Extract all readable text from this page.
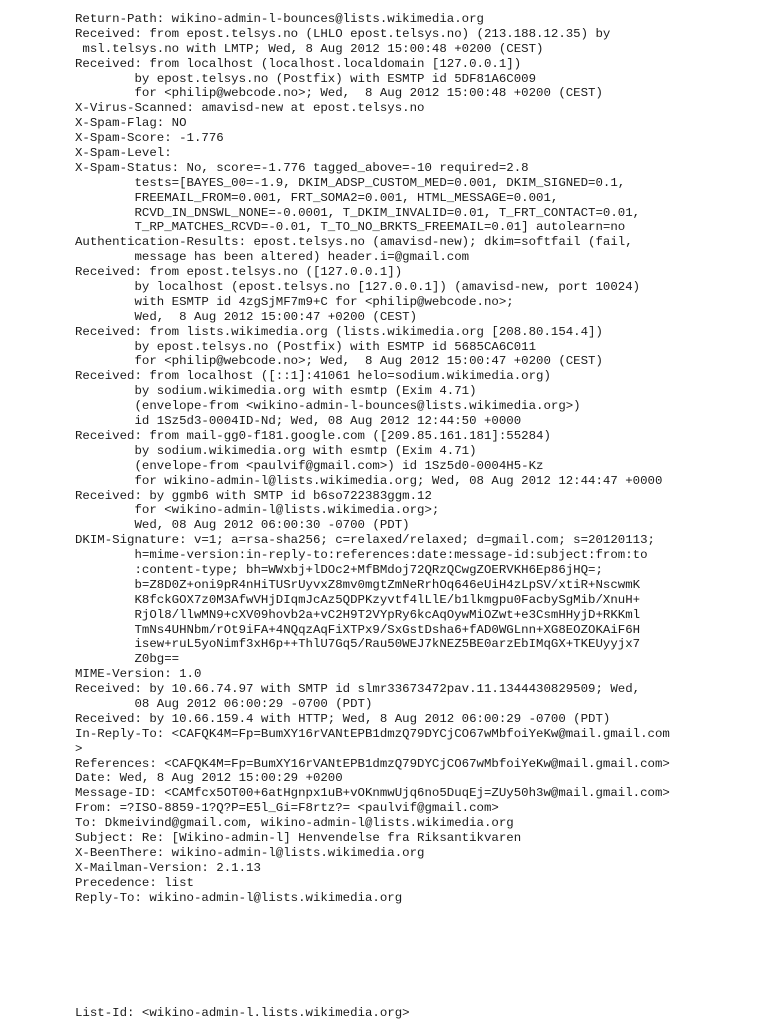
Return-Path: wikino-admin-l-bounces@lists.wikimedia.org
Received: from epost.telsys.no (LHLO epost.telsys.no) (213.188.12.35) by
msl.telsys.no with LMTP; Wed, 8 Aug 2012 15:00:48 +0200 (CEST)
Received: from localhost (localhost.localdomain [127.0.0.1])
by epost.telsys.no (Postfix) with ESMTP id 5DF81A6C009
for <philip@webcode.no>; Wed,  8 Aug 2012 15:00:48 +0200 (CEST)
X-Virus-Scanned: amavisd-new at epost.telsys.no
X-Spam-Flag: NO
X-Spam-Score: -1.776
X-Spam-Level:
X-Spam-Status: No, score=-1.776 tagged_above=-10 required=2.8
tests=[BAYES_00=-1.9, DKIM_ADSP_CUSTOM_MED=0.001, DKIM_SIGNED=0.1,
FREEMAIL_FROM=0.001, FRT_SOMA2=0.001, HTML_MESSAGE=0.001,
RCVD_IN_DNSWL_NONE=-0.0001, T_DKIM_INVALID=0.01, T_FRT_CONTACT=0.01,
T_RP_MATCHES_RCVD=-0.01, T_TO_NO_BRKTS_FREEMAIL=0.01] autolearn=no
Authentication-Results: epost.telsys.no (amavisd-new); dkim=softfail (fail,
message has been altered) header.i=@gmail.com
Received: from epost.telsys.no ([127.0.0.1])
by localhost (epost.telsys.no [127.0.0.1]) (amavisd-new, port 10024)
with ESMTP id 4zgSjMF7m9+C for <philip@webcode.no>;
Wed,  8 Aug 2012 15:00:47 +0200 (CEST)
Received: from lists.wikimedia.org (lists.wikimedia.org [208.80.154.4])
by epost.telsys.no (Postfix) with ESMTP id 5685CA6C011
for <philip@webcode.no>; Wed,  8 Aug 2012 15:00:47 +0200 (CEST)
Received: from localhost ([::1]:41061 helo=sodium.wikimedia.org)
by sodium.wikimedia.org with esmtp (Exim 4.71)
(envelope-from <wikino-admin-l-bounces@lists.wikimedia.org>)
id 1Sz5d3-0004ID-Nd; Wed, 08 Aug 2012 12:44:50 +0000
Received: from mail-gg0-f181.google.com ([209.85.161.181]:55284)
by sodium.wikimedia.org with esmtp (Exim 4.71)
(envelope-from <paulvif@gmail.com>) id 1Sz5d0-0004H5-Kz
for wikino-admin-l@lists.wikimedia.org; Wed, 08 Aug 2012 12:44:47 +0000
Received: by ggmb6 with SMTP id b6so722383ggm.12
for <wikino-admin-l@lists.wikimedia.org>;
Wed, 08 Aug 2012 06:00:30 -0700 (PDT)
DKIM-Signature: v=1; a=rsa-sha256; c=relaxed/relaxed; d=gmail.com; s=20120113;
h=mime-version:in-reply-to:references:date:message-id:subject:from:to
:content-type; bh=WWxbj+lDOc2+MfBMdoj72QRzQCwgZOERVKH6Ep86jHQ=;
b=Z8D0Z+oni9pR4nHiTUSrUyvxZ8mv0mgtZmNeRrhOq646eUiH4zLpSV/xtiR+NscwmK
K8fckGOX7z0M3AfwVHjDIqmJcAz5QDPKzyvtf4lLlE/b1lkmgpu0FacbySgMib/XnuH+
RjOl8/llwMN9+cXV09hovb2a+vC2H9T2VYpRy6kcAqOywMiOZwt+e3CsmHHyjD+RKKml
TmNs4UHNbm/rOt9iFA+4NQqzAqFiXTPx9/SxGstDsha6+fAD0WGLnn+XG8EOZOKAiF6H
isew+ruL5yoNimf3xH6p++ThlU7Gq5/Rau50WEJ7kNEZ5BE0arzEbIMqGX+TKEUyyjx7
Z0bg==
MIME-Version: 1.0
Received: by 10.66.74.97 with SMTP id slmr33673472pav.11.1344430829509; Wed,
08 Aug 2012 06:00:29 -0700 (PDT)
Received: by 10.66.159.4 with HTTP; Wed, 8 Aug 2012 06:00:29 -0700 (PDT)
In-Reply-To: <CAFQK4M=Fp=BumXY16rVANtEPB1dmzQ79DYCjCO67wMbfoiYeKw@mail.gmail.com
>
References: <CAFQK4M=Fp=BumXY16rVANtEPB1dmzQ79DYCjCO67wMbfoiYeKw@mail.gmail.com>
Date: Wed, 8 Aug 2012 15:00:29 +0200
Message-ID: <CAMfcx5OT00+6atHgnpx1uB+vOKnmwUjq6no5DuqEj=ZUy50h3w@mail.gmail.com>
From: =?ISO-8859-1?Q?P=E5l_Gi=F8rtz?= <paulvif@gmail.com>
To: Dkmeivind@gmail.com, wikino-admin-l@lists.wikimedia.org
Subject: Re: [Wikino-admin-l] Henvendelse fra Riksantikvaren
X-BeenThere: wikino-admin-l@lists.wikimedia.org
X-Mailman-Version: 2.1.13
Precedence: list
Reply-To: wikino-admin-l@lists.wikimedia.org
List-Id: <wikino-admin-l.lists.wikimedia.org>
